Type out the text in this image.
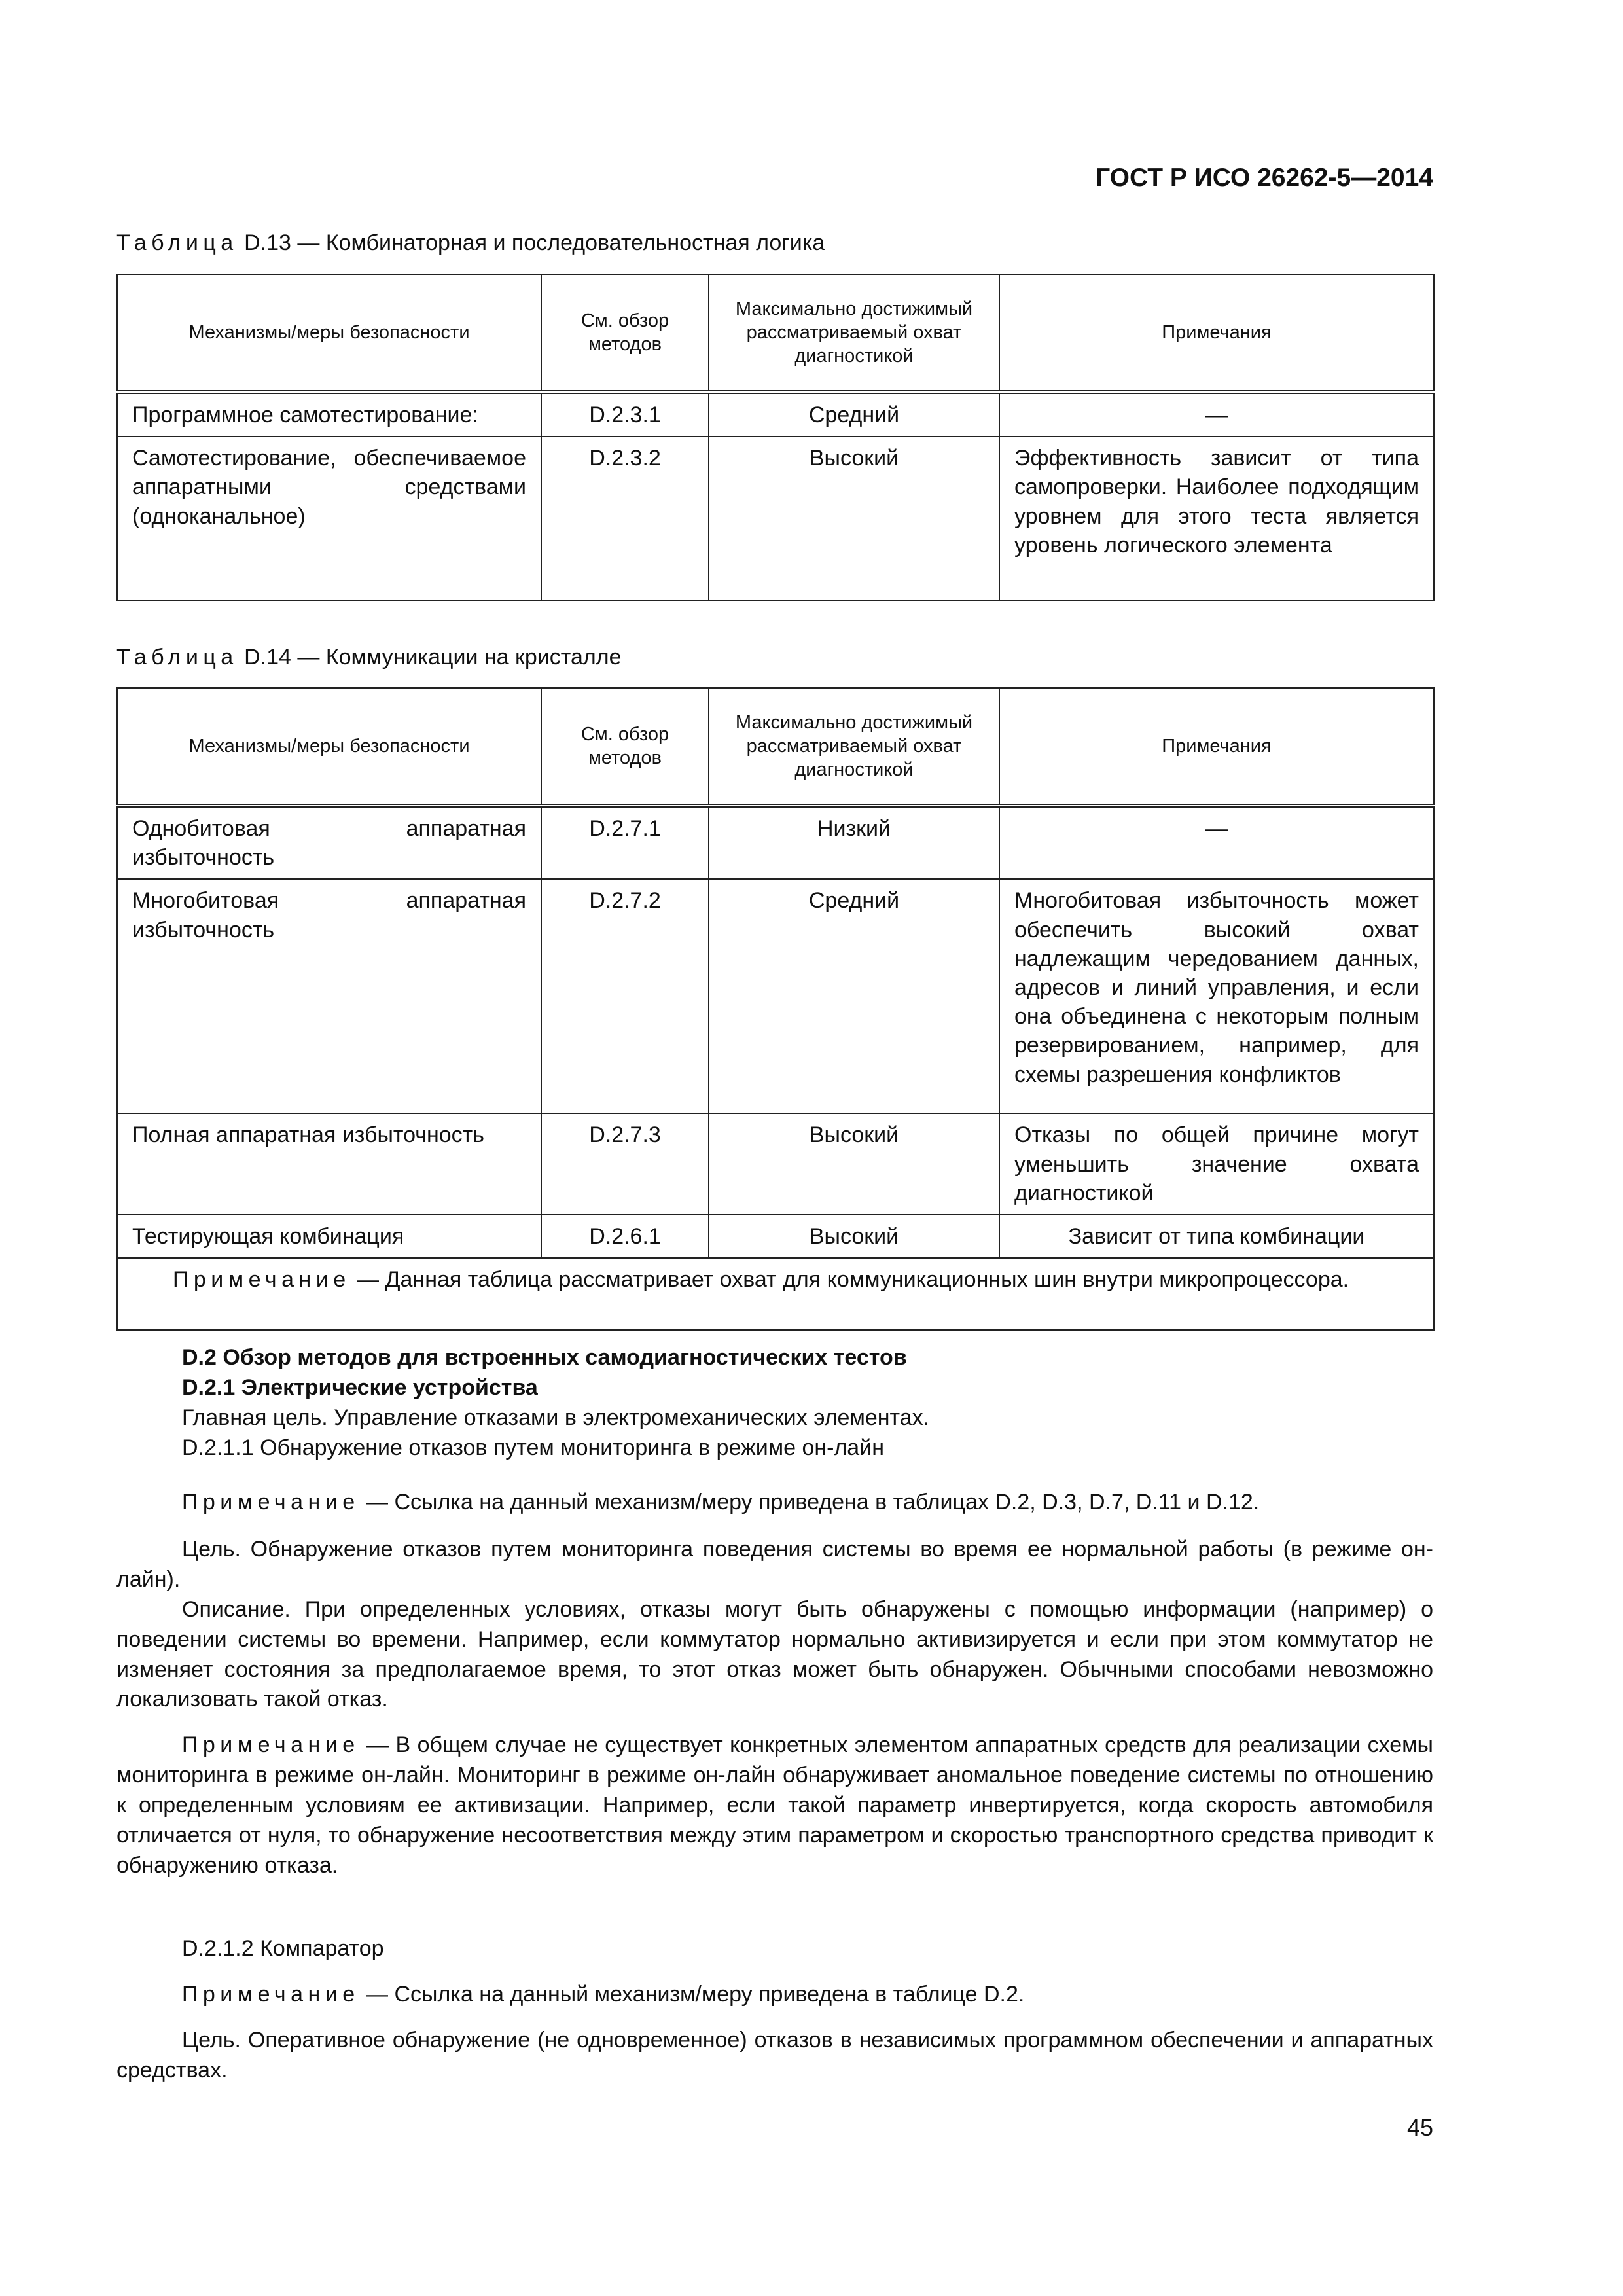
ГОСТ Р ИСО 26262-5—2014
Таблица D.13 — Комбинаторная и последовательностная логика
Механизмы/меры безопасности	См. обзор методов	Максимально достижимый рассматриваемый охват диагностикой	Примечания
Программное самотестирование:	D.2.3.1	Средний	—
Самотестирование, обеспечиваемое аппаратными средствами (одноканальное)	D.2.3.2	Высокий	Эффективность зависит от типа самопроверки. Наиболее подходящим уровнем для этого теста является уровень логического элемента
Таблица D.14 — Коммуникации на кристалле
Механизмы/меры безопасности	См. обзор методов	Максимально достижимый рассматриваемый охват диагностикой	Примечания
Однобитовая аппаратная избыточность	D.2.7.1	Низкий	—
Многобитовая аппаратная избыточность	D.2.7.2	Средний	Многобитовая избыточность может обеспечить высокий охват надлежащим чередованием данных, адресов и линий управления, и если она объединена с некоторым полным резервированием, например, для схемы разрешения конфликтов
Полная аппаратная избыточность	D.2.7.3	Высокий	Отказы по общей причине могут уменьшить значение охвата диагностикой
Тестирующая комбинация	D.2.6.1	Высокий	Зависит от типа комбинации
Примечание — Данная таблица рассматривает охват для коммуникационных шин внутри микропроцессора.			

D.2 Обзор методов для встроенных самодиагностических тестов

D.2.1 Электрические устройства

Главная цель. Управление отказами в электромеханических элементах.

D.2.1.1 Обнаружение отказов путем мониторинга в режиме он-лайн

Примечание — Ссылка на данный механизм/меру приведена в таблицах D.2, D.3, D.7, D.11 и D.12.

Цель. Обнаружение отказов путем мониторинга поведения системы во время ее нормальной работы (в режиме он-лайн).

Описание. При определенных условиях, отказы могут быть обнаружены с помощью информации (например) о поведении системы во времени. Например, если коммутатор нормально активизируется и если при этом коммутатор не изменяет состояния за предполагаемое время, то этот отказ может быть обнаружен. Обычными способами невозможно локализовать такой отказ.

Примечание — В общем случае не существует конкретных элементом аппаратных средств для реализации схемы мониторинга в режиме он-лайн. Мониторинг в режиме он-лайн обнаруживает аномальное поведение системы по отношению к определенным условиям ее активизации. Например, если такой параметр инвертируется, когда скорость автомобиля отличается от нуля, то обнаружение несоответствия между этим параметром и скоростью транспортного средства приводит к обнаружению отказа.

D.2.1.2 Компаратор

Примечание — Ссылка на данный механизм/меру приведена в таблице D.2.

Цель. Оперативное обнаружение (не одновременное) отказов в независимых программном обеспечении и аппаратных средствах.

45
